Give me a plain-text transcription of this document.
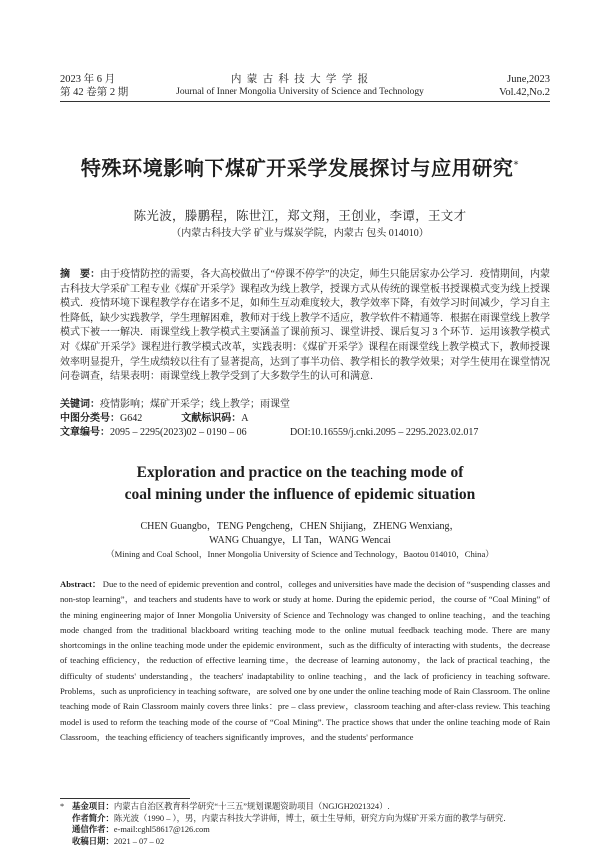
2023 年 6 月
第 42 卷第 2 期
内 蒙 古 科 技 大 学 学 报
Journal of Inner Mongolia University of Science and Technology
June,2023
Vol.42,No.2
特殊环境影响下煤矿开采学发展探讨与应用研究*
陈光波，滕鹏程，陈世江，郑文翔，王创业，李谭，王文才
（内蒙古科技大学 矿业与煤炭学院，内蒙古 包头 014010）
摘　要：由于疫情防控的需要，各大高校做出了“停课不停学”的决定，师生只能居家办公学习．疫情期间，内蒙古科技大学采矿工程专业《煤矿开采学》课程改为线上教学，授课方式从传统的课堂板书授课模式变为线上授课模式．疫情环境下课程教学存在诸多不足，如师生互动难度较大，教学效率下降，有效学习时间减少，学习自主性降低，缺少实践教学，学生理解困难，教师对于线上教学不适应，教学软件不精通等．根据在雨课堂线上教学模式下被一一解决．雨课堂线上教学模式主要涵盖了课前预习、课堂讲授、课后复习 3 个环节．运用该教学模式对《煤矿开采学》课程进行教学模式改革，实践表明：《煤矿开采学》课程在雨课堂线上教学模式下，教师授课效率明显提升，学生成绩较以往有了显著提高，达到了事半功倍、教学相长的教学效果；对学生使用在课堂情况问卷调查，结果表明：雨课堂线上教学受到了大多数学生的认可和满意．
关键词：疫情影响；煤矿开采学；线上教学；雨课堂
中图分类号：G642	文献标识码：A
文章编号：2095 – 2295(2023)02 – 0190 – 06	DOI:10.16559/j.cnki.2095 – 2295.2023.02.017
Exploration and practice on the teaching mode of
coal mining under the influence of epidemic situation
CHEN Guangbo，TENG Pengcheng，CHEN Shijiang，ZHENG Wenxiang，
WANG Chuangye，LI Tan，WANG Wencai
（Mining and Coal School，Inner Mongolia University of Science and Technology，Baotou 014010，China）
Abstract： Due to the need of epidemic prevention and control，colleges and universities have made the decision of “suspending classes and non-stop learning”，and teachers and students have to work or study at home. During the epidemic period，the course of “Coal Mining” of the mining engineering major of Inner Mongolia University of Science and Technology was changed to online teaching，and the teaching mode changed from the traditional blackboard writing teaching mode to the online mutual feedback teaching mode. There are many shortcomings in the online teaching mode under the epidemic environment，such as the difficulty of interacting with students，the decrease of teaching efficiency，the reduction of effective learning time，the decrease of learning autonomy，the lack of practical teaching，the difficulty of students' understanding，the teachers' inadaptability to online teaching，and the lack of proficiency in teaching software. Problems，such as unproficiency in teaching software，are solved one by one under the online teaching mode of Rain Classroom. The online teaching mode of Rain Classroom mainly covers three links：pre – class preview，classroom teaching and after-class review. This teaching model is used to reform the teaching mode of the course of “Coal Mining”. The practice shows that under the online teaching mode of Rain Classroom，the teaching efficiency of teachers significantly improves，and the students' performance
* 基金项目：内蒙古自治区教育科学研究“十三五”规划课题资助项目（NGJGH2021324）.
作者简介：陈光波（1990 – ），男，内蒙古科技大学讲师，博士，硕士生导师，研究方向为煤矿开采方面的教学与研究．
通信作者：e-mail:cghl58617@126.com
收稿日期：2021 – 07 – 02
